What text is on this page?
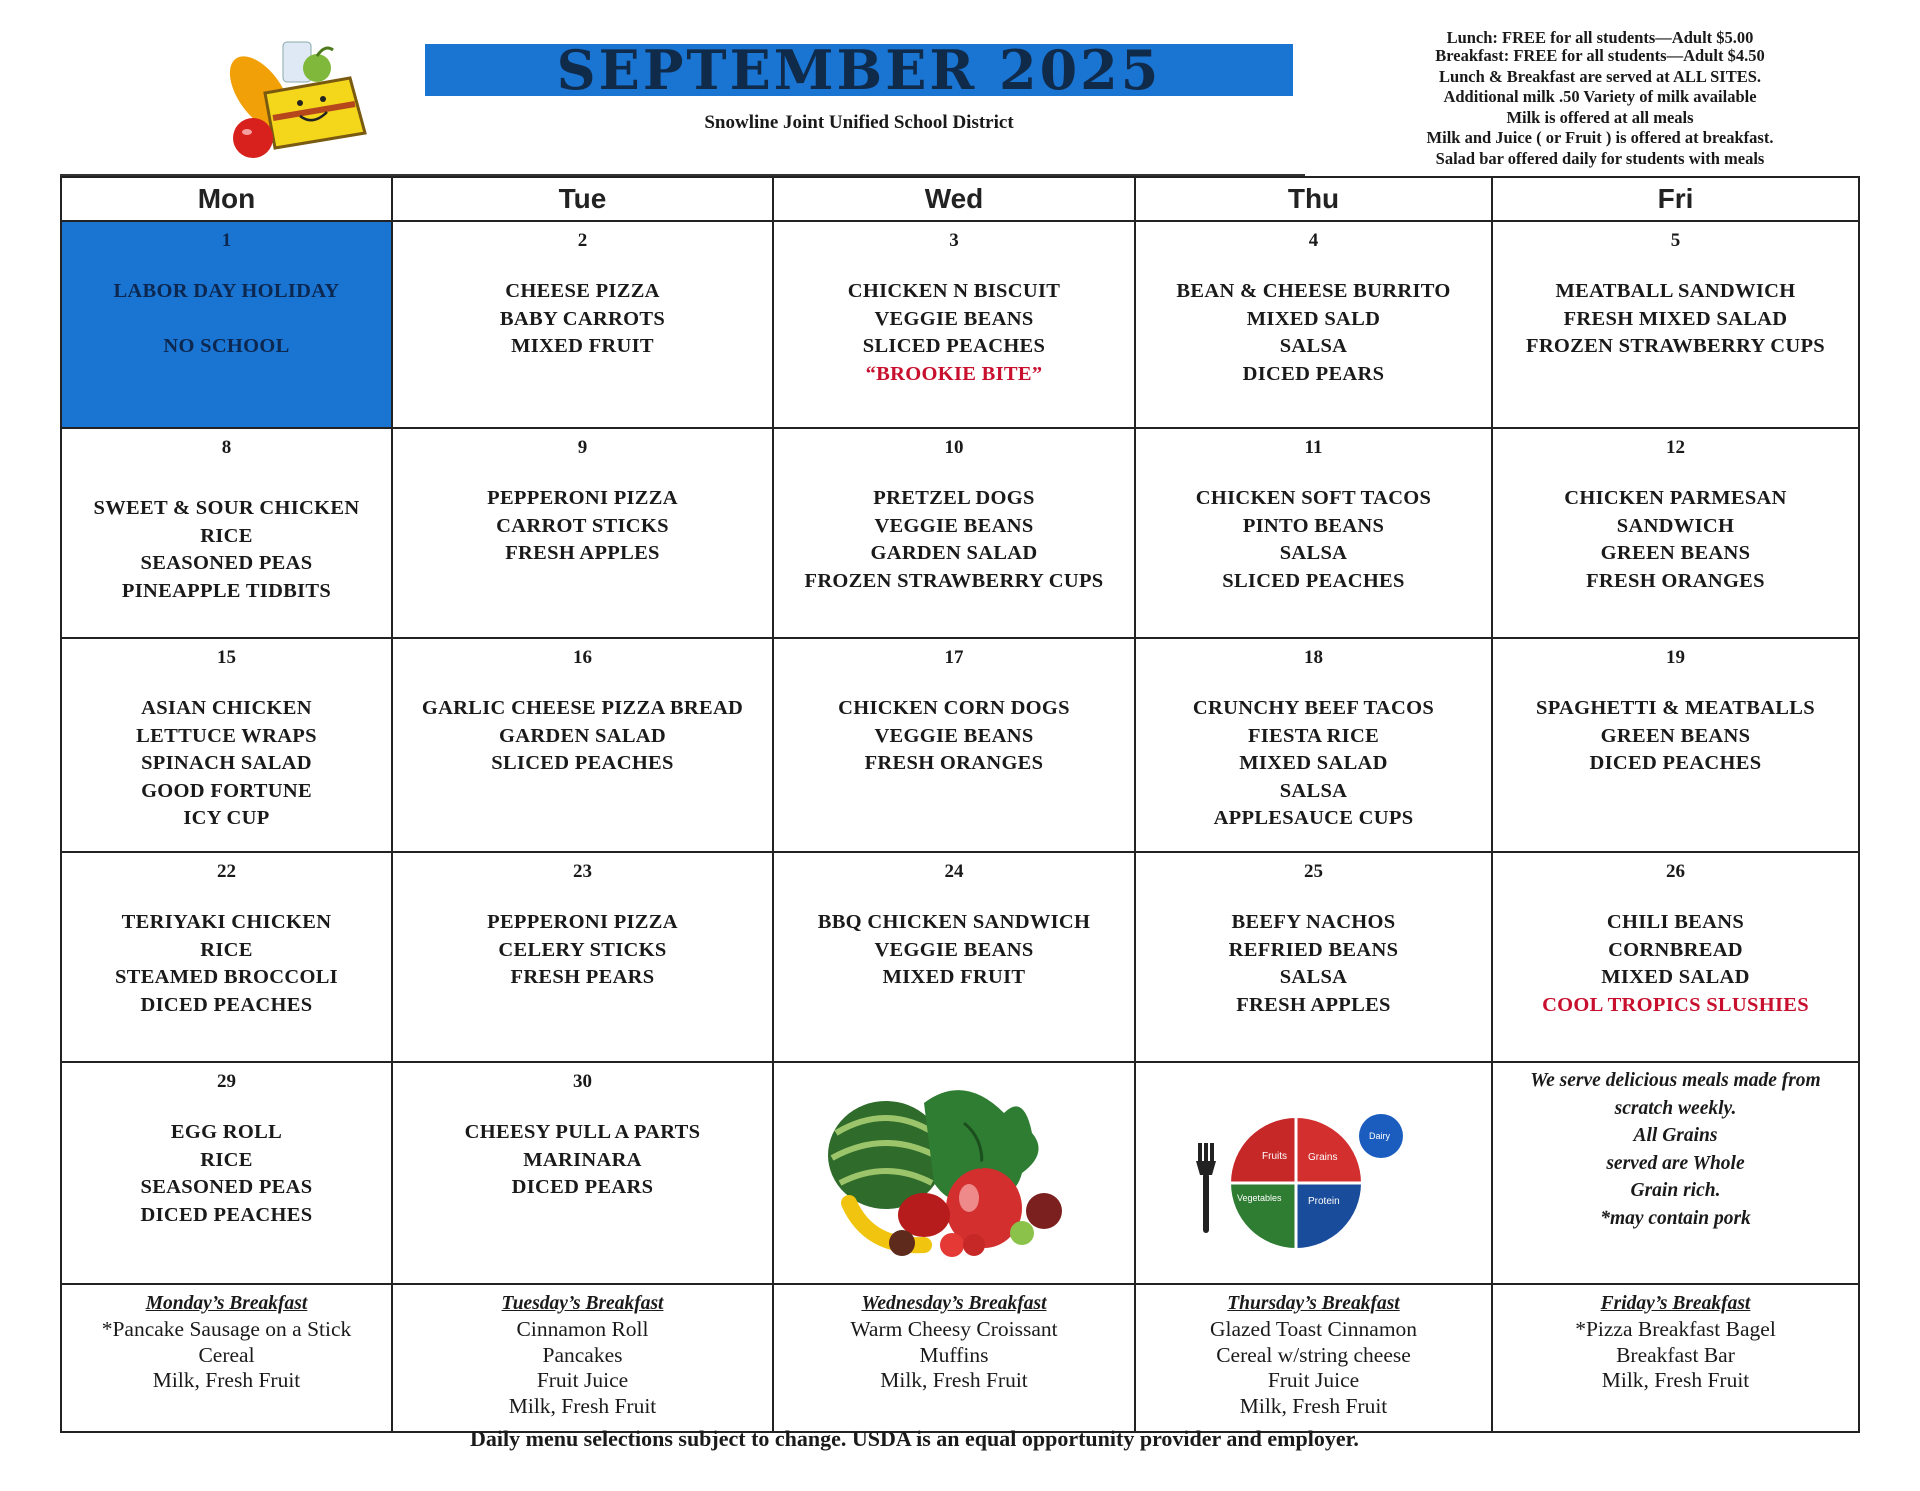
SEPTEMBER 2025
Snowline Joint Unified School District
Lunch: FREE for all students—Adult $5.00
Breakfast: FREE for all students—Adult $4.50
Lunch & Breakfast are served at ALL SITES.
Additional milk .50 Variety of milk available
Milk is offered at all meals
Milk and Juice ( or Fruit ) is offered at breakfast.
Salad bar offered daily for students with meals
Mon	Tue	Wed	Thu	Fri
1
LABOR DAY HOLIDAY
NO SCHOOL
2
CHEESE PIZZA
BABY CARROTS
MIXED FRUIT
3
CHICKEN N BISCUIT
VEGGIE BEANS
SLICED PEACHES
“BROOKIE BITE”
4
BEAN & CHEESE BURRITO
MIXED SALD
SALSA
DICED PEARS
5
MEATBALL SANDWICH
FRESH MIXED SALAD
FROZEN STRAWBERRY CUPS
8
SWEET & SOUR CHICKEN
RICE
SEASONED PEAS
PINEAPPLE TIDBITS
9
PEPPERONI PIZZA
CARROT STICKS
FRESH APPLES
10
PRETZEL DOGS
VEGGIE BEANS
GARDEN SALAD
FROZEN STRAWBERRY CUPS
11
CHICKEN SOFT TACOS
PINTO BEANS
SALSA
SLICED PEACHES
12
CHICKEN PARMESAN
SANDWICH
GREEN BEANS
FRESH ORANGES
15
ASIAN CHICKEN
LETTUCE WRAPS
SPINACH SALAD
GOOD FORTUNE
ICY CUP
16
GARLIC CHEESE PIZZA BREAD
GARDEN SALAD
SLICED PEACHES
17
CHICKEN CORN DOGS
VEGGIE BEANS
FRESH ORANGES
18
CRUNCHY BEEF TACOS
FIESTA RICE
MIXED SALAD
SALSA
APPLESAUCE CUPS
19
SPAGHETTI & MEATBALLS
GREEN BEANS
DICED PEACHES
22
TERIYAKI CHICKEN
RICE
STEAMED BROCCOLI
DICED PEACHES
23
PEPPERONI PIZZA
CELERY STICKS
FRESH PEARS
24
BBQ CHICKEN SANDWICH
VEGGIE BEANS
MIXED FRUIT
25
BEEFY NACHOS
REFRIED BEANS
SALSA
FRESH APPLES
26
CHILI BEANS
CORNBREAD
MIXED SALAD
COOL TROPICS SLUSHIES
29
EGG ROLL
RICE
SEASONED PEAS
DICED PEACHES
30
CHEESY PULL A PARTS
MARINARA
DICED PEARS
Fruits Grains
Vegetables	Protein
Dairy
We serve delicious meals made from
scratch weekly.
All Grains
served are Whole
Grain rich.
*may contain pork
Monday’s Breakfast
*Pancake Sausage on a Stick
Cereal
Milk, Fresh Fruit
Tuesday’s Breakfast
Cinnamon Roll
Pancakes
Fruit Juice
Milk, Fresh Fruit
Wednesday’s Breakfast
Warm Cheesy Croissant
Muffins
Milk, Fresh Fruit
Thursday’s Breakfast
Glazed Toast Cinnamon
Cereal w/string cheese
Fruit Juice
Milk, Fresh Fruit
Friday’s Breakfast
*Pizza Breakfast Bagel
Breakfast Bar
Milk, Fresh Fruit
Daily menu selections subject to change. USDA is an equal opportunity provider and employer.
